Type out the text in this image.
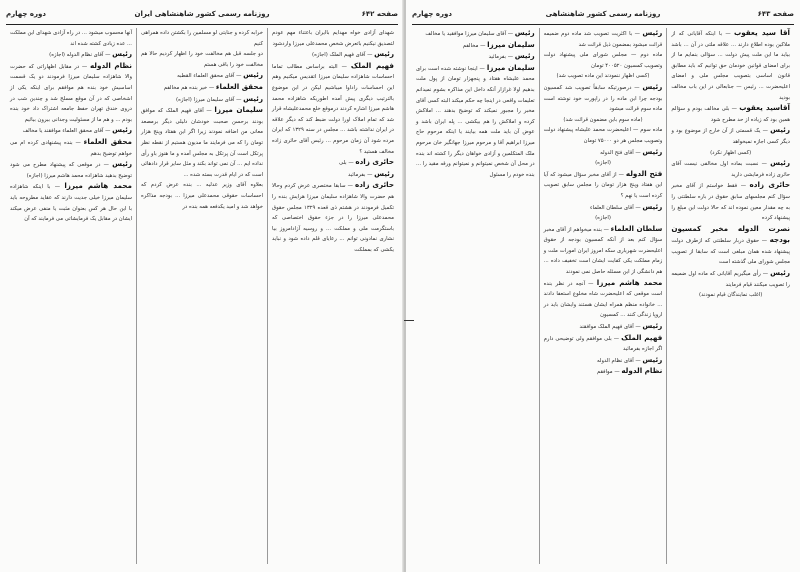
صفحه ۶۴۲
روزنامه رسمی کشور شاهنشاهی ایران
دوره چهارم

شهدای آزادی خواه مهدایم باایران باعتناء مهم عودم لتصدیق نیکنیم باتعرض شخص محمدعلی میرزا واردشود

رئیس — آقای فهیم الملک (اجازه)

فهیم الملک — البته براساس مطالب تماما احساسات شاهزاده سلیمان میرزا اتقدیس میکنیم وهم این احساسات راداوا میباشیم لیکن در این موضوع بالترتیب دیگری پیش آمده اطوریکه شاهزاده محمد هاشم میرزا اشاره کردند درموقع خلع محمدعلیشاه قرار شد که تمام املاک اورا دولت ضبط کند که دیگر علاقه در ایران نداشته باشد ... مجلس در سنه ۱۳۲۹ که ایران مرده شود آن زمان مرحوم ... رئیس آقای حائری زاده مخالف هستید ؟

حائری زاده — بلی

رئیس — بفرمائید

حائری زاده — سابقا مختصری عرض کردم وحالا هم حضرت والا شاهزاده سلیمان میرزا هرایش بنده را تکمیل فرمودند در هشتم ذی قعده ۱۳۲۹ مجلس حقوق محمدعلی میرزا را در جزء حقوق اختصاصی که باستگرمت ملی و مملکت ... و روسیه آزادامروز بیا نشاری نمادونی توانم ... رعایای قلم داده شود و نباید یکشی که بمملکت

خرابه کرده و جنایتی لو مسلمین را بکشتن داده همراهی کنیم

دو جلسه قبل هم مخالفت خود را اظهار کردیم حالا هم مخالفت خود را باقی هستم

رئیس — آقای محقق العلماء القطبه

محقق العلماء — خیر بنده هم مخالفم

رئیس — آقای سلیمان میرزا (اجازه)

سلیمان میرزا — آقای فهیم الملک که موافق بودند برحسن صحبت خودشان دلیلی دیگر برمصعد معانی من اضافه نمودند زیرا اگر این هفتاد وپنج هزار تومان را که می فرمایند ما مدیون هستیم از نقطه نظر پرتکل است آن پرتکل به مجلس آمده و ما هنوز باو رأی نداده ایم ... آن نمی تواند بکند و مثل سایر قرار دادهائی است که در ایام قدرت بسته شده ...

بعلاوه آقای وزیر عدلیه ... بنده عرض کردم که احساسات حقوقی محمدعلی میرزا ... بودجه مذاکره خواهد شد و امید یکدفعه همه بنده در

آنها محسوب میشود ... در راه آزادی شهدای این مملکت ... عده زیادی کشته شده اند

رئیس — آقای نظام الدوله (اجازه)

نظام الدوله — در مقابل اظهاراتی که حضرت والا شاهزاده سلیمان میرزا فرمودند دو یک قسمت اساسیش خود بنده هم موافقم برای اینکه یکی از اشخاصی که در آن موقع مسلح شد و چندین شب در دروی خندق تهران حفظ جامعه اشتراک داد خود بنده بودم ... و هم ما از مسئولیت وجدانی بیرون بیائیم

رئیس — آقای محقق العلماء موافقند یا مخالف

محقق العلماء — بنده پیشنهادی کرده ام می خواهم توضیح بدهم

رئیس — در موقعی که پیشنهاد مطرح می شود توضیح بدهید شاهزاده محمد هاشم میرزا (اجازه)

محمد هاشم میرزا — با اینکه شاهزاده سلیمان میرزا خیلی جدیت دارند که عقاید مطروحه باید با این حال هر کس بعنوان مثبت یا منفی عرض میکند ایشان در مقابل یک فرمایشاتی می فرمایند که آن

صفحه ۶۴۳
روزنامه رسمی کشور شاهنشاهی
دوره چهارم

آقا سید یعقوب — با اینکه آقایانی که از ملاکین بوده اطلاع دارند ... علاقه ملتی در آن ... باشد بیاید ما این ملت پیش دولت ... سؤالی بنمایم ما از برای امضای قوانین خودمان حق توانیم که باید مطابق قانون اساسی بتصویب مجلس ملی و امضای اعلیحضرت ... رئیس — جنابعالی در این باب مخالف بودید

آقاسید یعقوب — بلی مخالف بودم و سؤالم همین بود که زیاده از حد مطرح شود

رئیس — یک قسمتی از آن خارج از موضوع بود و دیگر کسی اجازه نمیخواهد

(کسی اظهار نکرد)

رئیس — نسبت بماده اول مخالفی نیست آقای حائری زاده فرمایشی دارید

حائری زاده — فقط خواستم از آقای مخبر سؤال کنم مجلسهای سابق حقوق در باره سلطنتی را به چه مقدار معین نموده اند که حالا دولت این مبلغ را پیشنهاد کرده

نصرت الدوله مخبر کمسیون بودجه — حقوق دربار سلطنتی که ازطرف دولت پیشنهاد شده همان مبلغی است که سابقا از تصویب مجلس شورای ملی گذشته است

رئیس — رأی میگیریم آقایانی که ماده اول ضمیمه را تصویب میکنند قیام فرمایند

(اغلب نمایندگان قیام نمودند)

رئیس — با اکثریت تصویب شد ماده دوم ضمیمه قرائت میشود بمضمون ذیل قرائت شد

ماده دوم — مجلس شورای ملی پیشنهاد دولت وتصویب کمسیون ۴۰۰۵۲۰ تومان

(کسی اظهار ننمودند این ماده تصویب شد)

رئیس — درصورتیکه سابقاً تصویب شد کمسیون بودجه چرا این ماده را در راپورت خود نوشته است ماده سوم قرائت میشود

(ماده سوم باین مضمون قرائت شد)

ماده سوم — اعلیحضرت محمد علیشاه پیشنهاد دولت وتصویب مجلس هر دو ۷۵۰۰۰ تومان

رئیس — آقای فتح الدوله

(اجازه)

فتح الدوله — از آقای مخبر سؤال میشود که آیا این هفتاد وپنج هزار تومان را مجلس سابق تصویب کرده است یا نهم ؟

رئیس — آقای سلطان العلماء

(اجازه)

سلطان العلماء — بنده میخواهم از آقای مخبر سؤال کنم بعد از آنکه کمسیون بودجه از حقوق اعلیحضرت شهریاری سکه امروز ایران امورات ملت و زمام مملکت یکی کفایت ایشان است تخفیف داده ... هم دانشگی از این مسئله حاصل نمی نمودند

محمد هاشم میرزا — آنچه در نظر بنده است موقعی که اعلیحضرت شاه مخلوع استعفا دادند ... خانواده منظم همراه ایشان هستند وایشان باید در اروپا زندگی کنند ... کمسیون

رئیس — آقای فهیم الملک موافقند

فهیم الملک — بلی موافقم ولی توضیحی دارم اگر اجازه بفرمائید

رئیس — آقای نظام الدوله

نظام الدوله — موافقم

رئیس — آقای سلیمان میرزا موافقید یا مخالف

سلیمان میرزا — مخالفم

رئیس — بفرمائید

سلیمان میرزا — اینجا نوشته شده است برای محمد علیشاه هفتاد و پنجهزار تومان از پول ملت بدهیم اولا غرازار آنکه داخل این مذاکره بشوم نمیدانم تعلیمات واقعی در اینجا چه حکم میکند البته کسی آقای مخبر را مجبور نمیکند که توضیح بدهند ... املاکش کرده و املاکش را هم بیکشی ... پله ایران باشد و عوض آن باید ملت همه بیایند یا اینکه مرحوم حاج میرزا ابراهیم آقا و مرحوم میرزا جهانگیر خان مرحوم ملک المتکلمین و آزادی خواهان دیگر را کشته اند بنده در محل آن شخص نمیتوانم و نمیتوانم ورقه مقید را ... بنده خودم را مسئول
